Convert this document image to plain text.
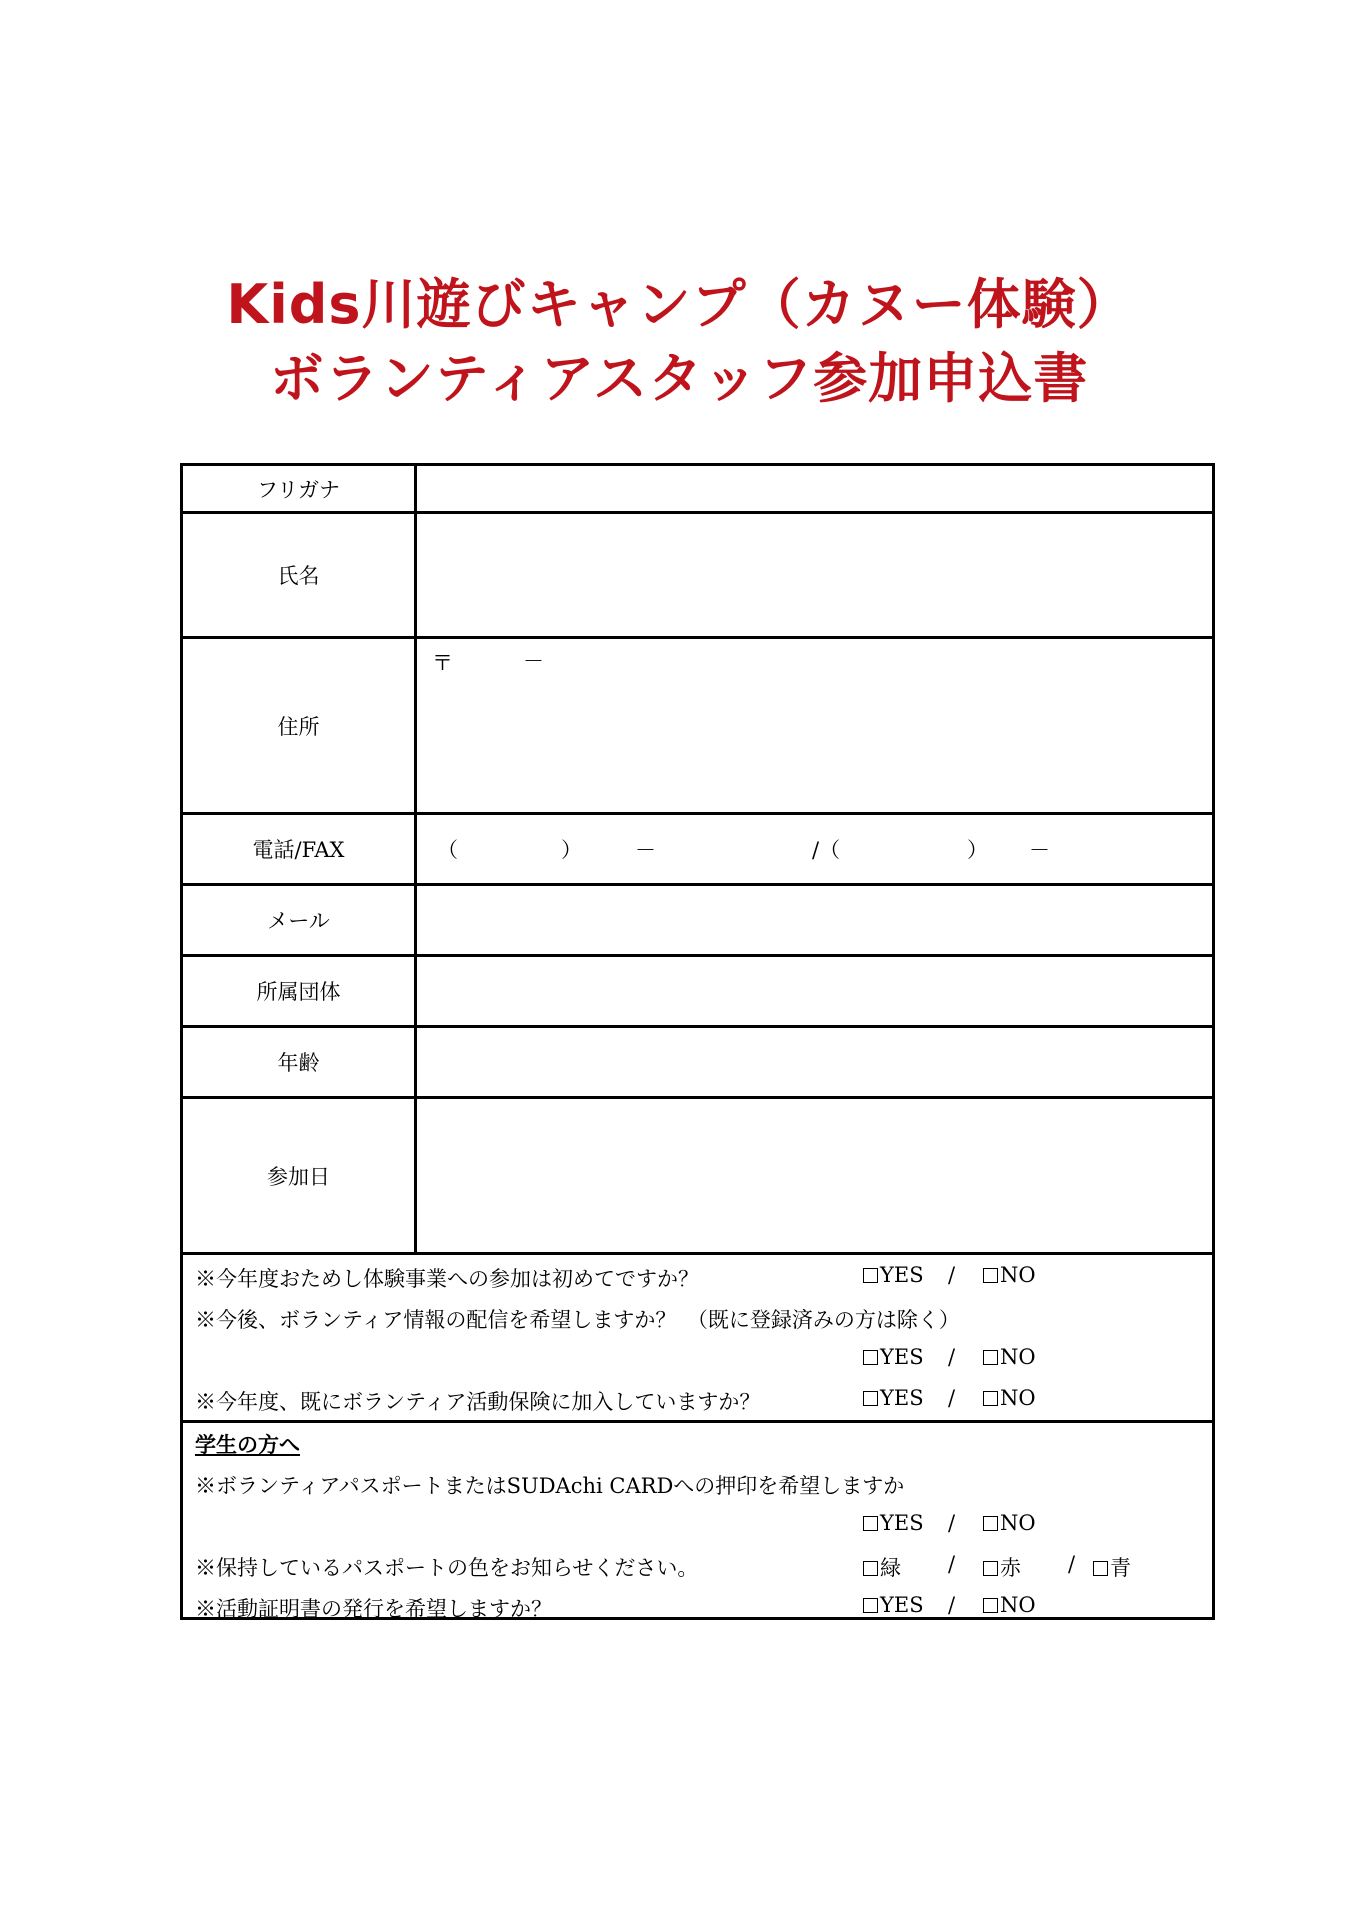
Kids川遊びキャンプ（カヌー体験）
ボランティアスタッフ参加申込書
フリガナ
氏名
住所
〒	－
電話/FAX	（	）	－	/（	） －
メール
所属団体
年齢
参加日
※今年度おためし体験事業への参加は初めてですか？	YES /	NO
※今後、ボランティア情報の配信を希望しますか？　（既に登録済みの方は除く）
YES /	NO
※今年度、既にボランティア活動保険に加入していますか？	YES /	NO
学生の方へ
※ボランティアパスポートまたはSUDAchi CARDへの押印を希望しますか
YES /	NO
※保持しているパスポートの色をお知らせください。	緑 /	赤 /	青
※活動証明書の発行を希望しますか？	YES /	NO
